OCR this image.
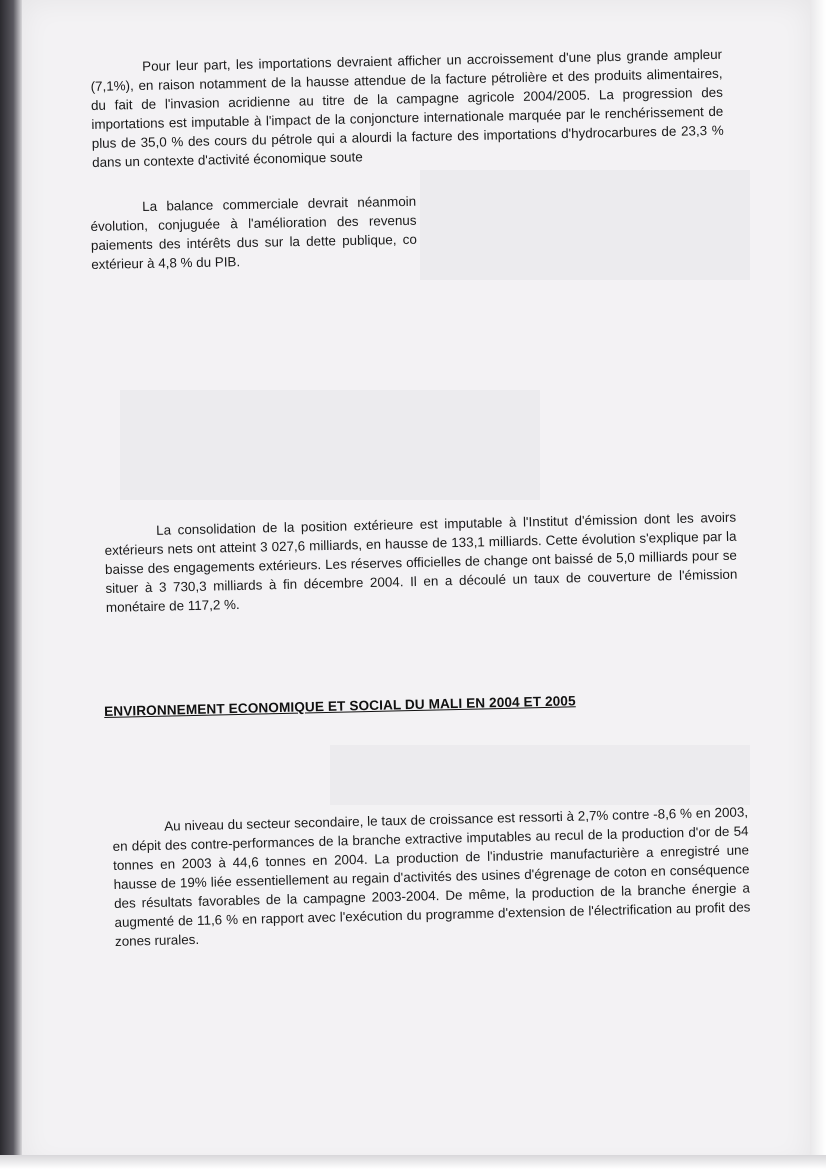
Pour leur part, les importations devraient afficher un accroissement d'une plus grande ampleur (7,1%), en raison notamment de la hausse attendue de la facture pétrolière et des produits alimentaires, du fait de l'invasion acridienne au titre de la campagne agricole 2004/2005. La progression des importations est imputable à l'impact de la conjoncture internationale marquée par le renchérissement de plus de 35,0 % des cours du pétrole qui a alourdi la facture des importations d'hydrocarbures de 23,3 % dans un contexte d'activité économique soute

La balance commerciale devrait néanmoin évolution, conjuguée à l'amélioration des revenus paiements des intérêts dus sur la dette publique, co extérieur à 4,8 % du PIB.

La consolidation de la position extérieure est imputable à l'Institut d'émission dont les avoirs extérieurs nets ont atteint 3 027,6 milliards, en hausse de 133,1 milliards. Cette évolution s'explique par la baisse des engagements extérieurs. Les réserves officielles de change ont baissé de 5,0 milliards pour se situer à 3 730,3 milliards à fin décembre 2004. Il en a découlé un taux de couverture de l'émission monétaire de 117,2 %.

ENVIRONNEMENT ECONOMIQUE ET SOCIAL DU MALI EN 2004 ET 2005

Au niveau du secteur secondaire, le taux de croissance est ressorti à 2,7% contre -8,6 % en 2003, en dépit des contre-performances de la branche extractive imputables au recul de la production d'or de 54 tonnes en 2003 à 44,6 tonnes en 2004. La production de l'industrie manufacturière a enregistré une hausse de 19% liée essentiellement au regain d'activités des usines d'égrenage de coton en conséquence des résultats favorables de la campagne 2003-2004. De même, la production de la branche énergie a augmenté de 11,6 % en rapport avec l'exécution du programme d'extension de l'électrification au profit des zones rurales.
